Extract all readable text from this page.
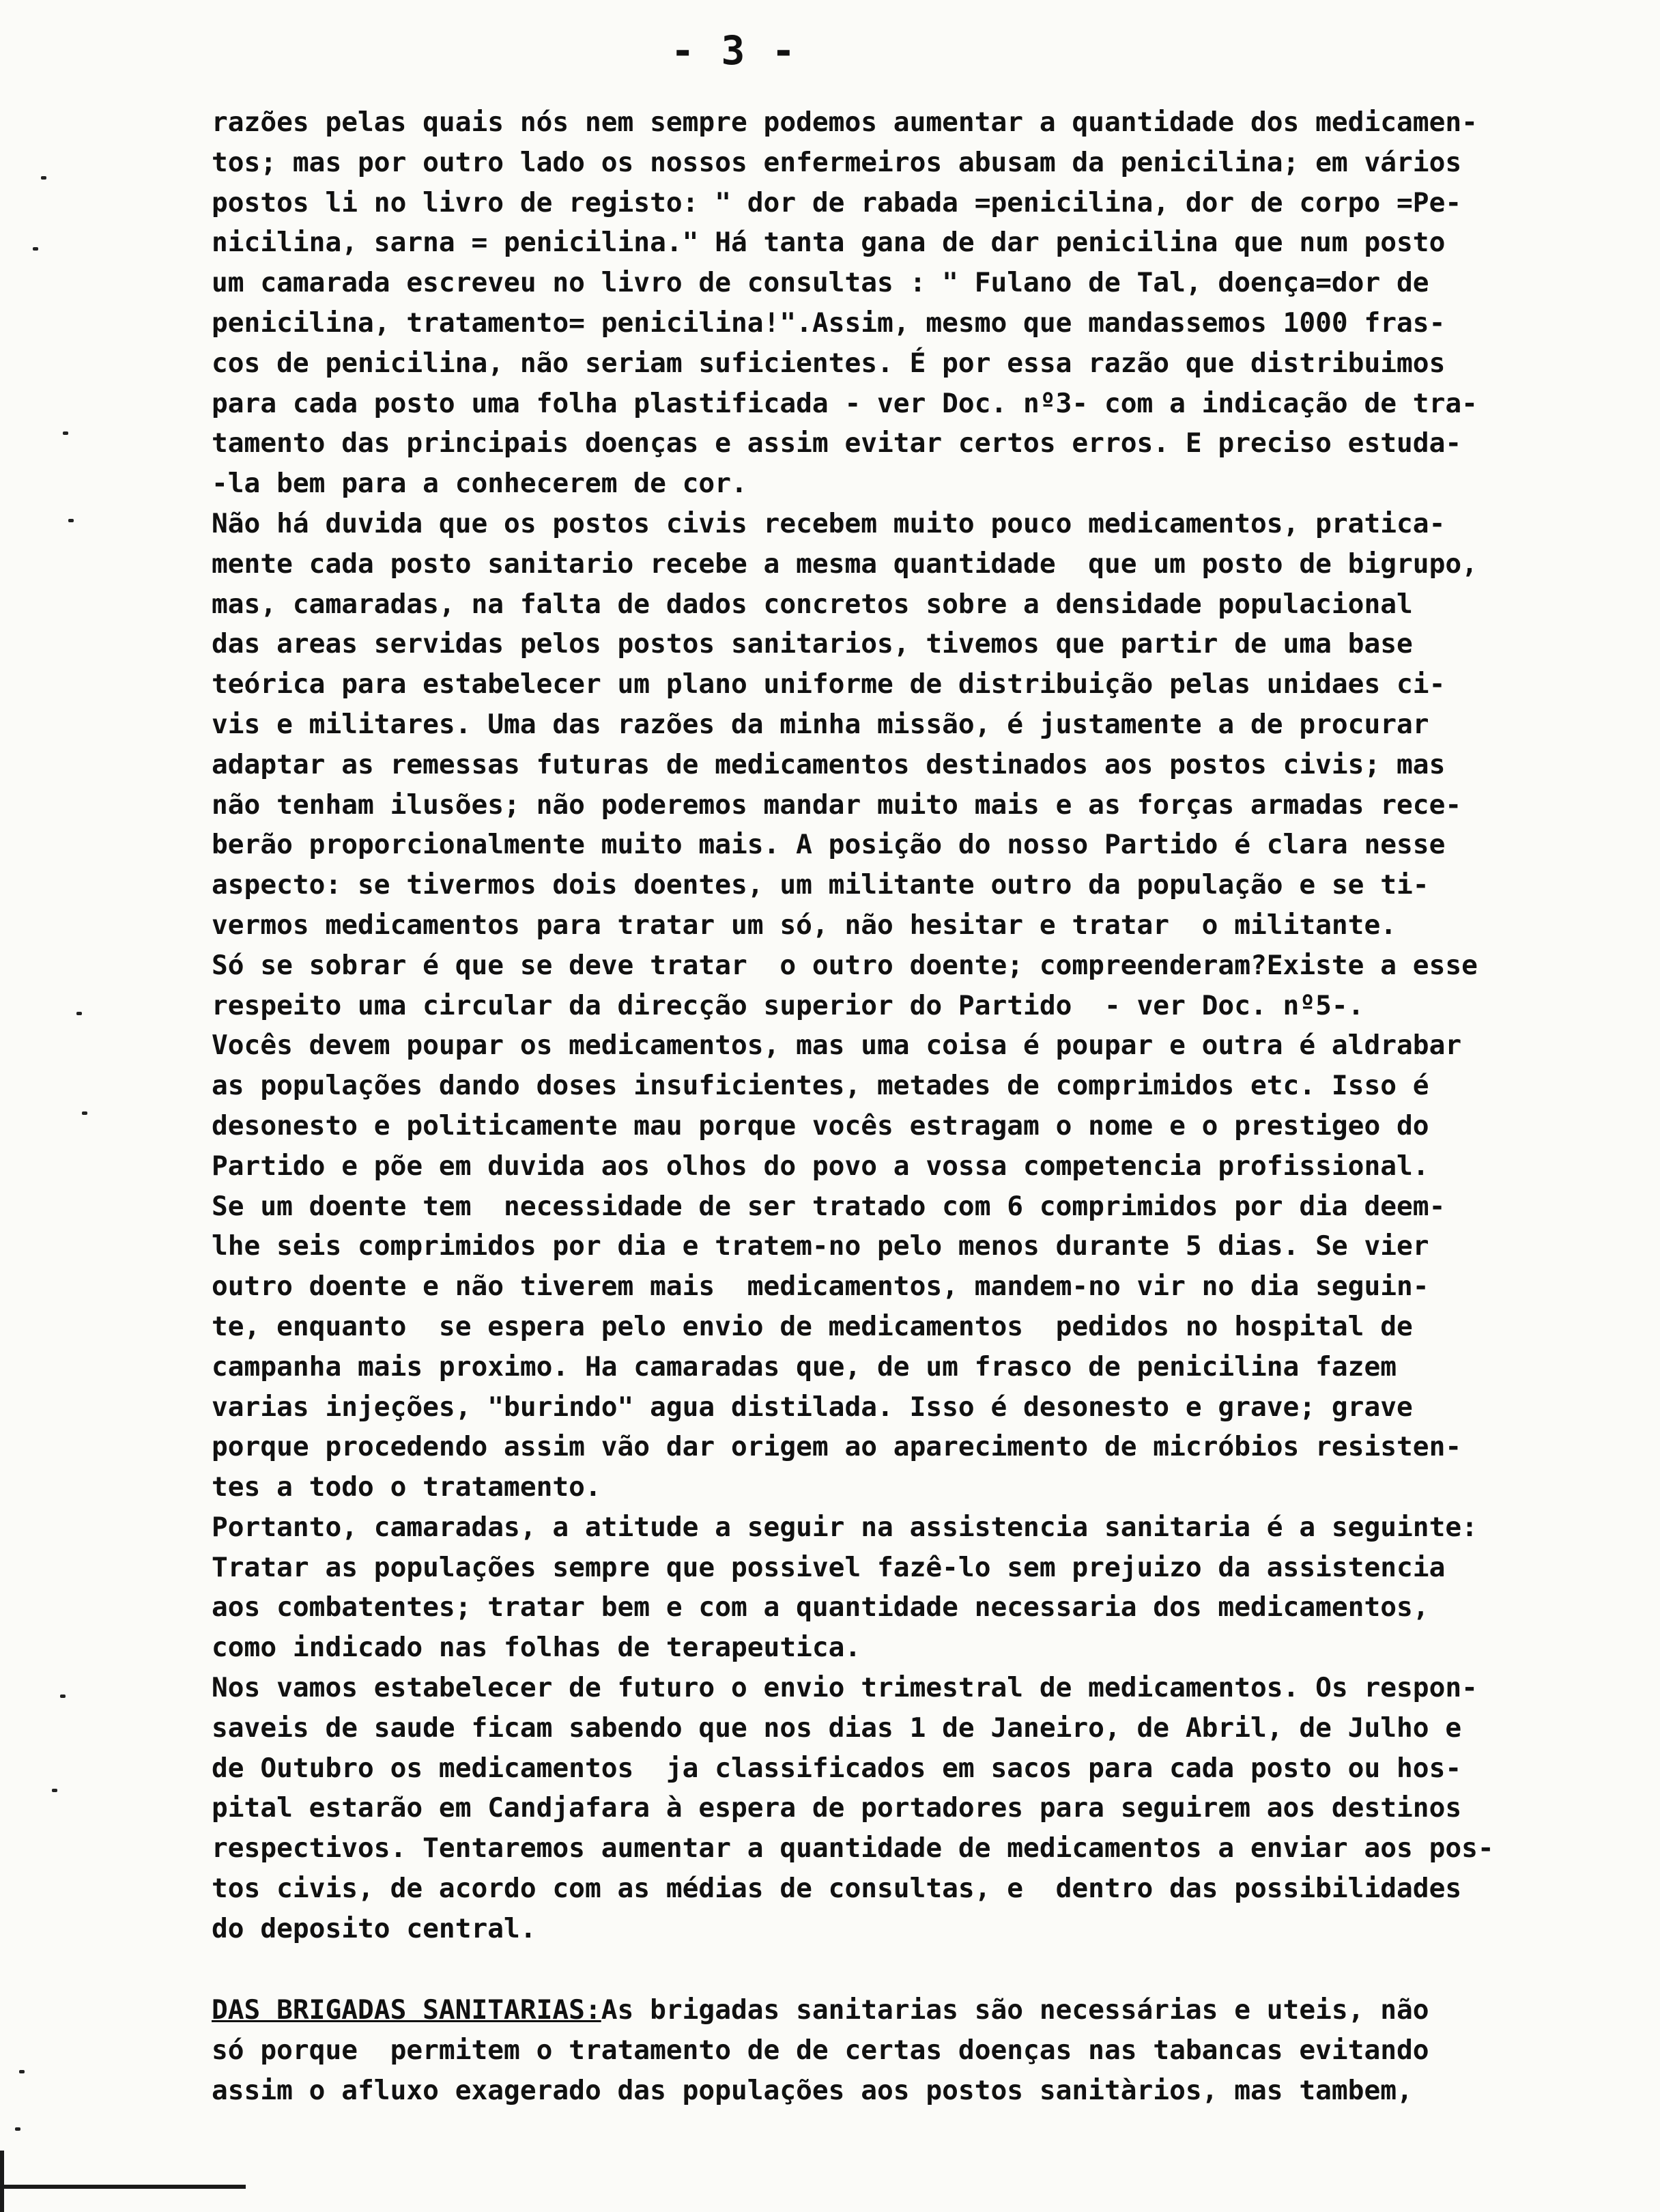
- 3 -
razões pelas quais nós nem sempre podemos aumentar a quantidade dos medicamen-
tos; mas por outro lado os nossos enfermeiros abusam da penicilina; em vários
postos li no livro de registo: " dor de rabada =penicilina, dor de corpo =Pe-
nicilina, sarna = penicilina." Há tanta gana de dar penicilina que num posto
um camarada escreveu no livro de consultas : " Fulano de Tal, doença=dor de
penicilina, tratamento= penicilina!".Assim, mesmo que mandassemos 1000 fras-
cos de penicilina, não seriam suficientes. É por essa razão que distribuimos
para cada posto uma folha plastificada - ver Doc. nº3- com a indicação de tra-
tamento das principais doenças e assim evitar certos erros. E preciso estuda-
-la bem para a conhecerem de cor.
Não há duvida que os postos civis recebem muito pouco medicamentos, pratica-
mente cada posto sanitario recebe a mesma quantidade  que um posto de bigrupo,
mas, camaradas, na falta de dados concretos sobre a densidade populacional
das areas servidas pelos postos sanitarios, tivemos que partir de uma base
teórica para estabelecer um plano uniforme de distribuição pelas unidaes ci-
vis e militares. Uma das razões da minha missão, é justamente a de procurar
adaptar as remessas futuras de medicamentos destinados aos postos civis; mas
não tenham ilusões; não poderemos mandar muito mais e as forças armadas rece-
berão proporcionalmente muito mais. A posição do nosso Partido é clara nesse
aspecto: se tivermos dois doentes, um militante outro da população e se ti-
vermos medicamentos para tratar um só, não hesitar e tratar  o militante.
Só se sobrar é que se deve tratar  o outro doente; compreenderam?Existe a esse
respeito uma circular da direcção superior do Partido  - ver Doc. nº5-.
Vocês devem poupar os medicamentos, mas uma coisa é poupar e outra é aldrabar
as populações dando doses insuficientes, metades de comprimidos etc. Isso é
desonesto e politicamente mau porque vocês estragam o nome e o prestigeo do
Partido e põe em duvida aos olhos do povo a vossa competencia profissional.
Se um doente tem  necessidade de ser tratado com 6 comprimidos por dia deem-
lhe seis comprimidos por dia e tratem-no pelo menos durante 5 dias. Se vier
outro doente e não tiverem mais  medicamentos, mandem-no vir no dia seguin-
te, enquanto  se espera pelo envio de medicamentos  pedidos no hospital de
campanha mais proximo. Ha camaradas que, de um frasco de penicilina fazem
varias injeções, "burindo" agua distilada. Isso é desonesto e grave; grave
porque procedendo assim vão dar origem ao aparecimento de micróbios resisten-
tes a todo o tratamento.
Portanto, camaradas, a atitude a seguir na assistencia sanitaria é a seguinte:
Tratar as populações sempre que possivel fazê-lo sem prejuizo da assistencia
aos combatentes; tratar bem e com a quantidade necessaria dos medicamentos,
como indicado nas folhas de terapeutica.
Nos vamos estabelecer de futuro o envio trimestral de medicamentos. Os respon-
saveis de saude ficam sabendo que nos dias 1 de Janeiro, de Abril, de Julho e
de Outubro os medicamentos  ja classificados em sacos para cada posto ou hos-
pital estarão em Candjafara à espera de portadores para seguirem aos destinos
respectivos. Tentaremos aumentar a quantidade de medicamentos a enviar aos pos-
tos civis, de acordo com as médias de consultas, e  dentro das possibilidades
do deposito central.
DAS BRIGADAS SANITARIAS:As brigadas sanitarias são necessárias e uteis, não
só porque  permitem o tratamento de de certas doenças nas tabancas evitando
assim o afluxo exagerado das populações aos postos sanitàrios, mas tambem,
